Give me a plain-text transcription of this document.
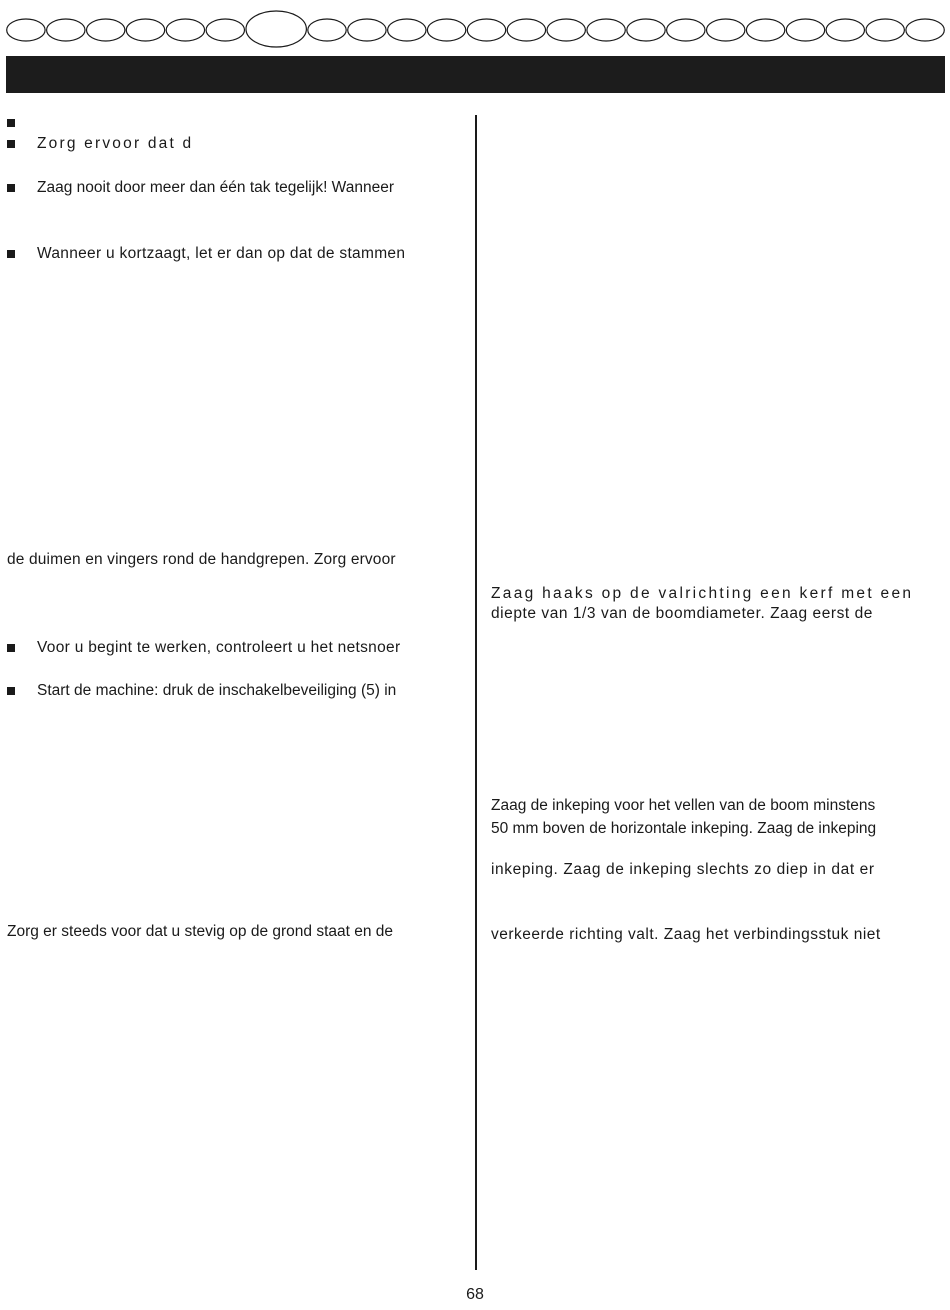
Zorg ervoor dat d
Zaag nooit door meer dan één tak tegelijk! Wanneer
Wanneer u kortzaagt, let er dan op dat de stammen
de duimen en vingers rond de handgrepen. Zorg ervoor
Voor u begint te werken, controleert u het netsnoer
Start de machine: druk de inschakelbeveiliging (5) in
Zorg er steeds voor dat u stevig op de grond staat en de
Zaag haaks op de valrichting een kerf met een
diepte van 1/3 van de boomdiameter. Zaag eerst de
Zaag de inkeping voor het vellen van de boom minstens
50 mm boven de horizontale inkeping. Zaag de inkeping
inkeping. Zaag de inkeping slechts zo diep in dat er
verkeerde richting valt. Zaag het verbindingsstuk niet
68
